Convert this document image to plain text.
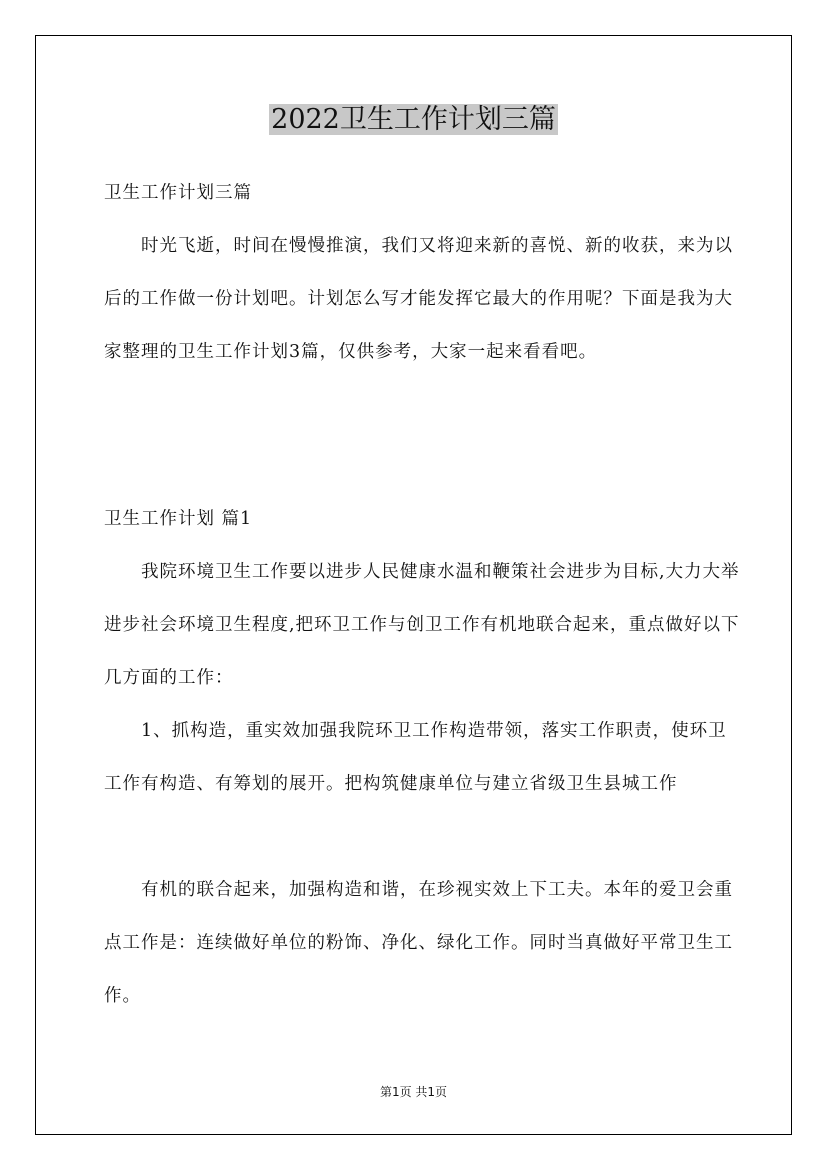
2022卫生工作计划三篇

卫生工作计划三篇

时光飞逝，时间在慢慢推演，我们又将迎来新的喜悦、新的收获，来为以后的工作做一份计划吧。计划怎么写才能发挥它最大的作用呢？下面是我为大家整理的卫生工作计划3篇，仅供参考，大家一起来看看吧。

卫生工作计划 篇1

我院环境卫生工作要以进步人民健康水温和鞭策社会进步为目标,大力大举进步社会环境卫生程度,把环卫工作与创卫工作有机地联合起来，重点做好以下几方面的工作：

1、抓构造，重实效加强我院环卫工作构造带领，落实工作职责，使环卫工作有构造、有筹划的展开。把构筑健康单位与建立省级卫生县城工作

有机的联合起来，加强构造和谐，在珍视实效上下工夫。本年的爱卫会重点工作是：连续做好单位的粉饰、净化、绿化工作。同时当真做好平常卫生工作。

第1页 共1页
